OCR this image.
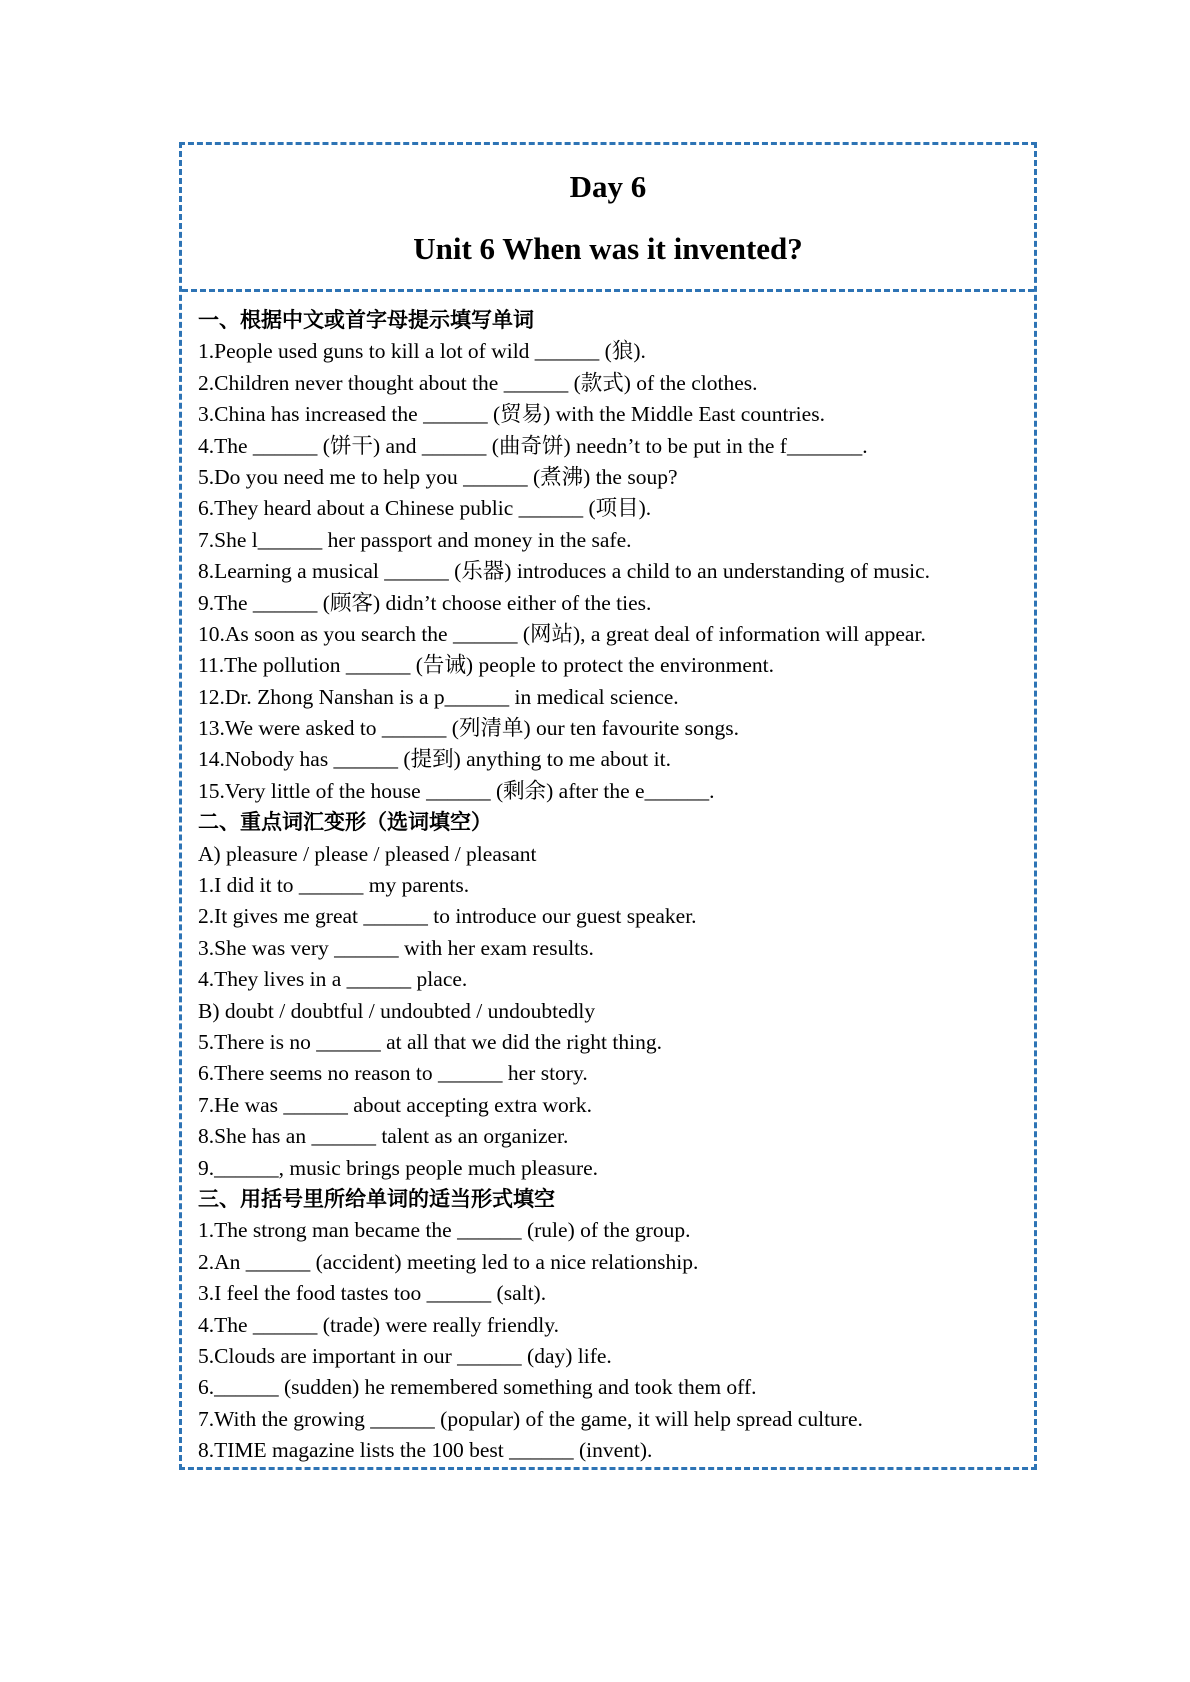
Day 6
Unit 6 When was it invented?
一、根据中文或首字母提示填写单词
1.People used guns to kill a lot of wild ______ (狼).
2.Children never thought about the ______ (款式) of the clothes.
3.China has increased the ______ (贸易) with the Middle East countries.
4.The ______ (饼干) and ______ (曲奇饼) needn’t to be put in the f_______.
5.Do you need me to help you ______ (煮沸) the soup?
6.They heard about a Chinese public ______ (项目).
7.She l______ her passport and money in the safe.
8.Learning a musical ______ (乐器) introduces a child to an understanding of music.
9.The ______ (顾客) didn’t choose either of the ties.
10.As soon as you search the ______ (网站), a great deal of information will appear.
11.The pollution ______ (告诫) people to protect the environment.
12.Dr. Zhong Nanshan is a p______ in medical science.
13.We were asked to ______ (列清单) our ten favourite songs.
14.Nobody has ______ (提到) anything to me about it.
15.Very little of the house ______ (剩余) after the e______.
二、重点词汇变形（选词填空）
A) pleasure / please / pleased / pleasant
1.I did it to ______ my parents.
2.It gives me great ______ to introduce our guest speaker.
3.She was very ______ with her exam results.
4.They lives in a ______ place.
B) doubt / doubtful / undoubted / undoubtedly
5.There is no ______ at all that we did the right thing.
6.There seems no reason to ______ her story.
7.He was ______ about accepting extra work.
8.She has an ______ talent as an organizer.
9.______, music brings people much pleasure.
三、用括号里所给单词的适当形式填空
1.The strong man became the ______ (rule) of the group.
2.An ______ (accident) meeting led to a nice relationship.
3.I feel the food tastes too ______ (salt).
4.The ______ (trade) were really friendly.
5.Clouds are important in our ______ (day) life.
6.______ (sudden) he remembered something and took them off.
7.With the growing ______ (popular) of the game, it will help spread culture.
8.TIME magazine lists the 100 best ______ (invent).
